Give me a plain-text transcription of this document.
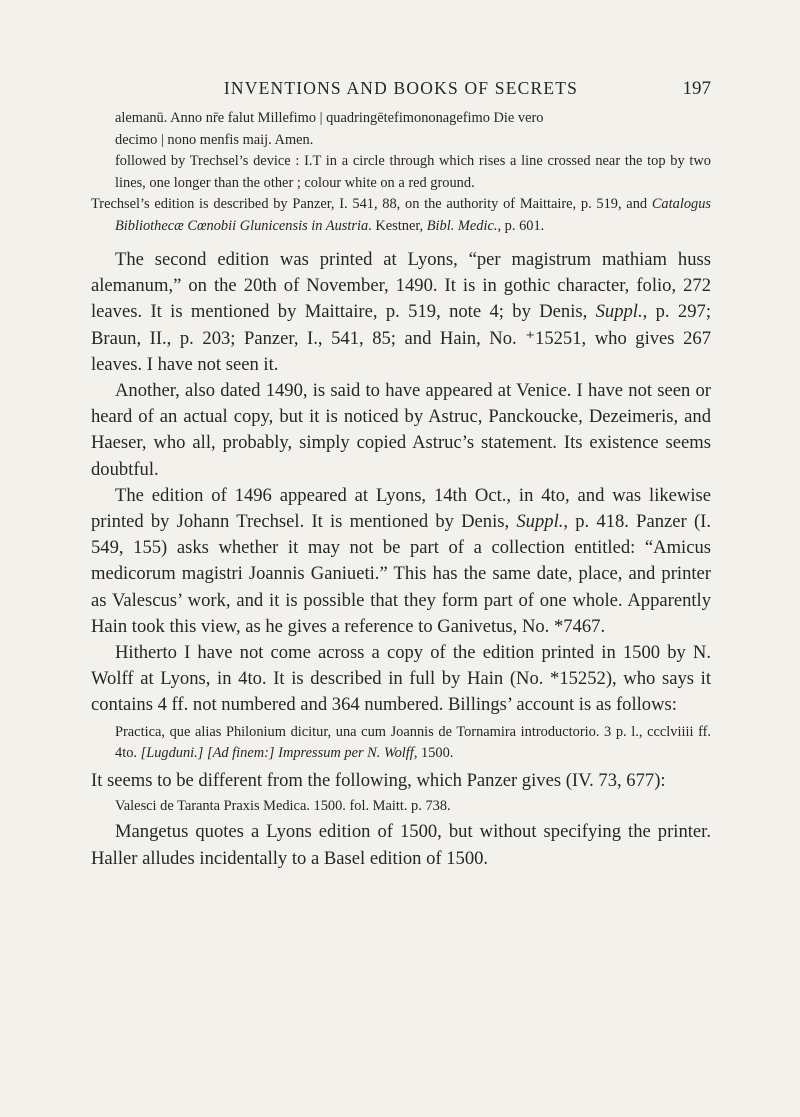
INVENTIONS AND BOOKS OF SECRETS	197

alemanū. Anno nr̄e falut Millefimo | quadringētefimononagefimo Die vero

decimo | nono menfis maij. Amen.

followed by Trechsel’s device : I.T in a circle through which rises a line crossed near the top by two lines, one longer than the other ; colour white on a red ground.

Trechsel’s edition is described by Panzer, I. 541, 88, on the authority of Maittaire, p. 519, and Catalogus Bibliothecæ Cœnobii Glunicensis in Austria. Kestner, Bibl. Medic., p. 601.

The second edition was printed at Lyons, “per magistrum mathiam huss alemanum,” on the 20th of November, 1490. It is in gothic character, folio, 272 leaves. It is mentioned by Maittaire, p. 519, note 4; by Denis, Suppl., p. 297; Braun, II., p. 203; Panzer, I., 541, 85; and Hain, No. ⁺15251, who gives 267 leaves. I have not seen it.

Another, also dated 1490, is said to have appeared at Venice. I have not seen or heard of an actual copy, but it is noticed by Astruc, Panckoucke, Dezeimeris, and Haeser, who all, probably, simply copied Astruc’s statement. Its existence seems doubtful.

The edition of 1496 appeared at Lyons, 14th Oct., in 4to, and was likewise printed by Johann Trechsel. It is mentioned by Denis, Suppl., p. 418. Panzer (I. 549, 155) asks whether it may not be part of a collection entitled: “Amicus medicorum magistri Joannis Ganiueti.” This has the same date, place, and printer as Valescus’ work, and it is possible that they form part of one whole. Apparently Hain took this view, as he gives a reference to Ganivetus, No. *7467.

Hitherto I have not come across a copy of the edition printed in 1500 by N. Wolff at Lyons, in 4to. It is described in full by Hain (No. *15252), who says it contains 4 ff. not numbered and 364 numbered. Billings’ account is as follows:

Practica, que alias Philonium dicitur, una cum Joannis de Tornamira introductorio. 3 p. l., ccclviiii ff. 4to. [Lugduni.] [Ad finem:] Impressum per N. Wolff, 1500.

It seems to be different from the following, which Panzer gives (IV. 73, 677):

Valesci de Taranta Praxis Medica. 1500. fol. Maitt. p. 738.

Mangetus quotes a Lyons edition of 1500, but without specifying the printer. Haller alludes incidentally to a Basel edition of 1500.
